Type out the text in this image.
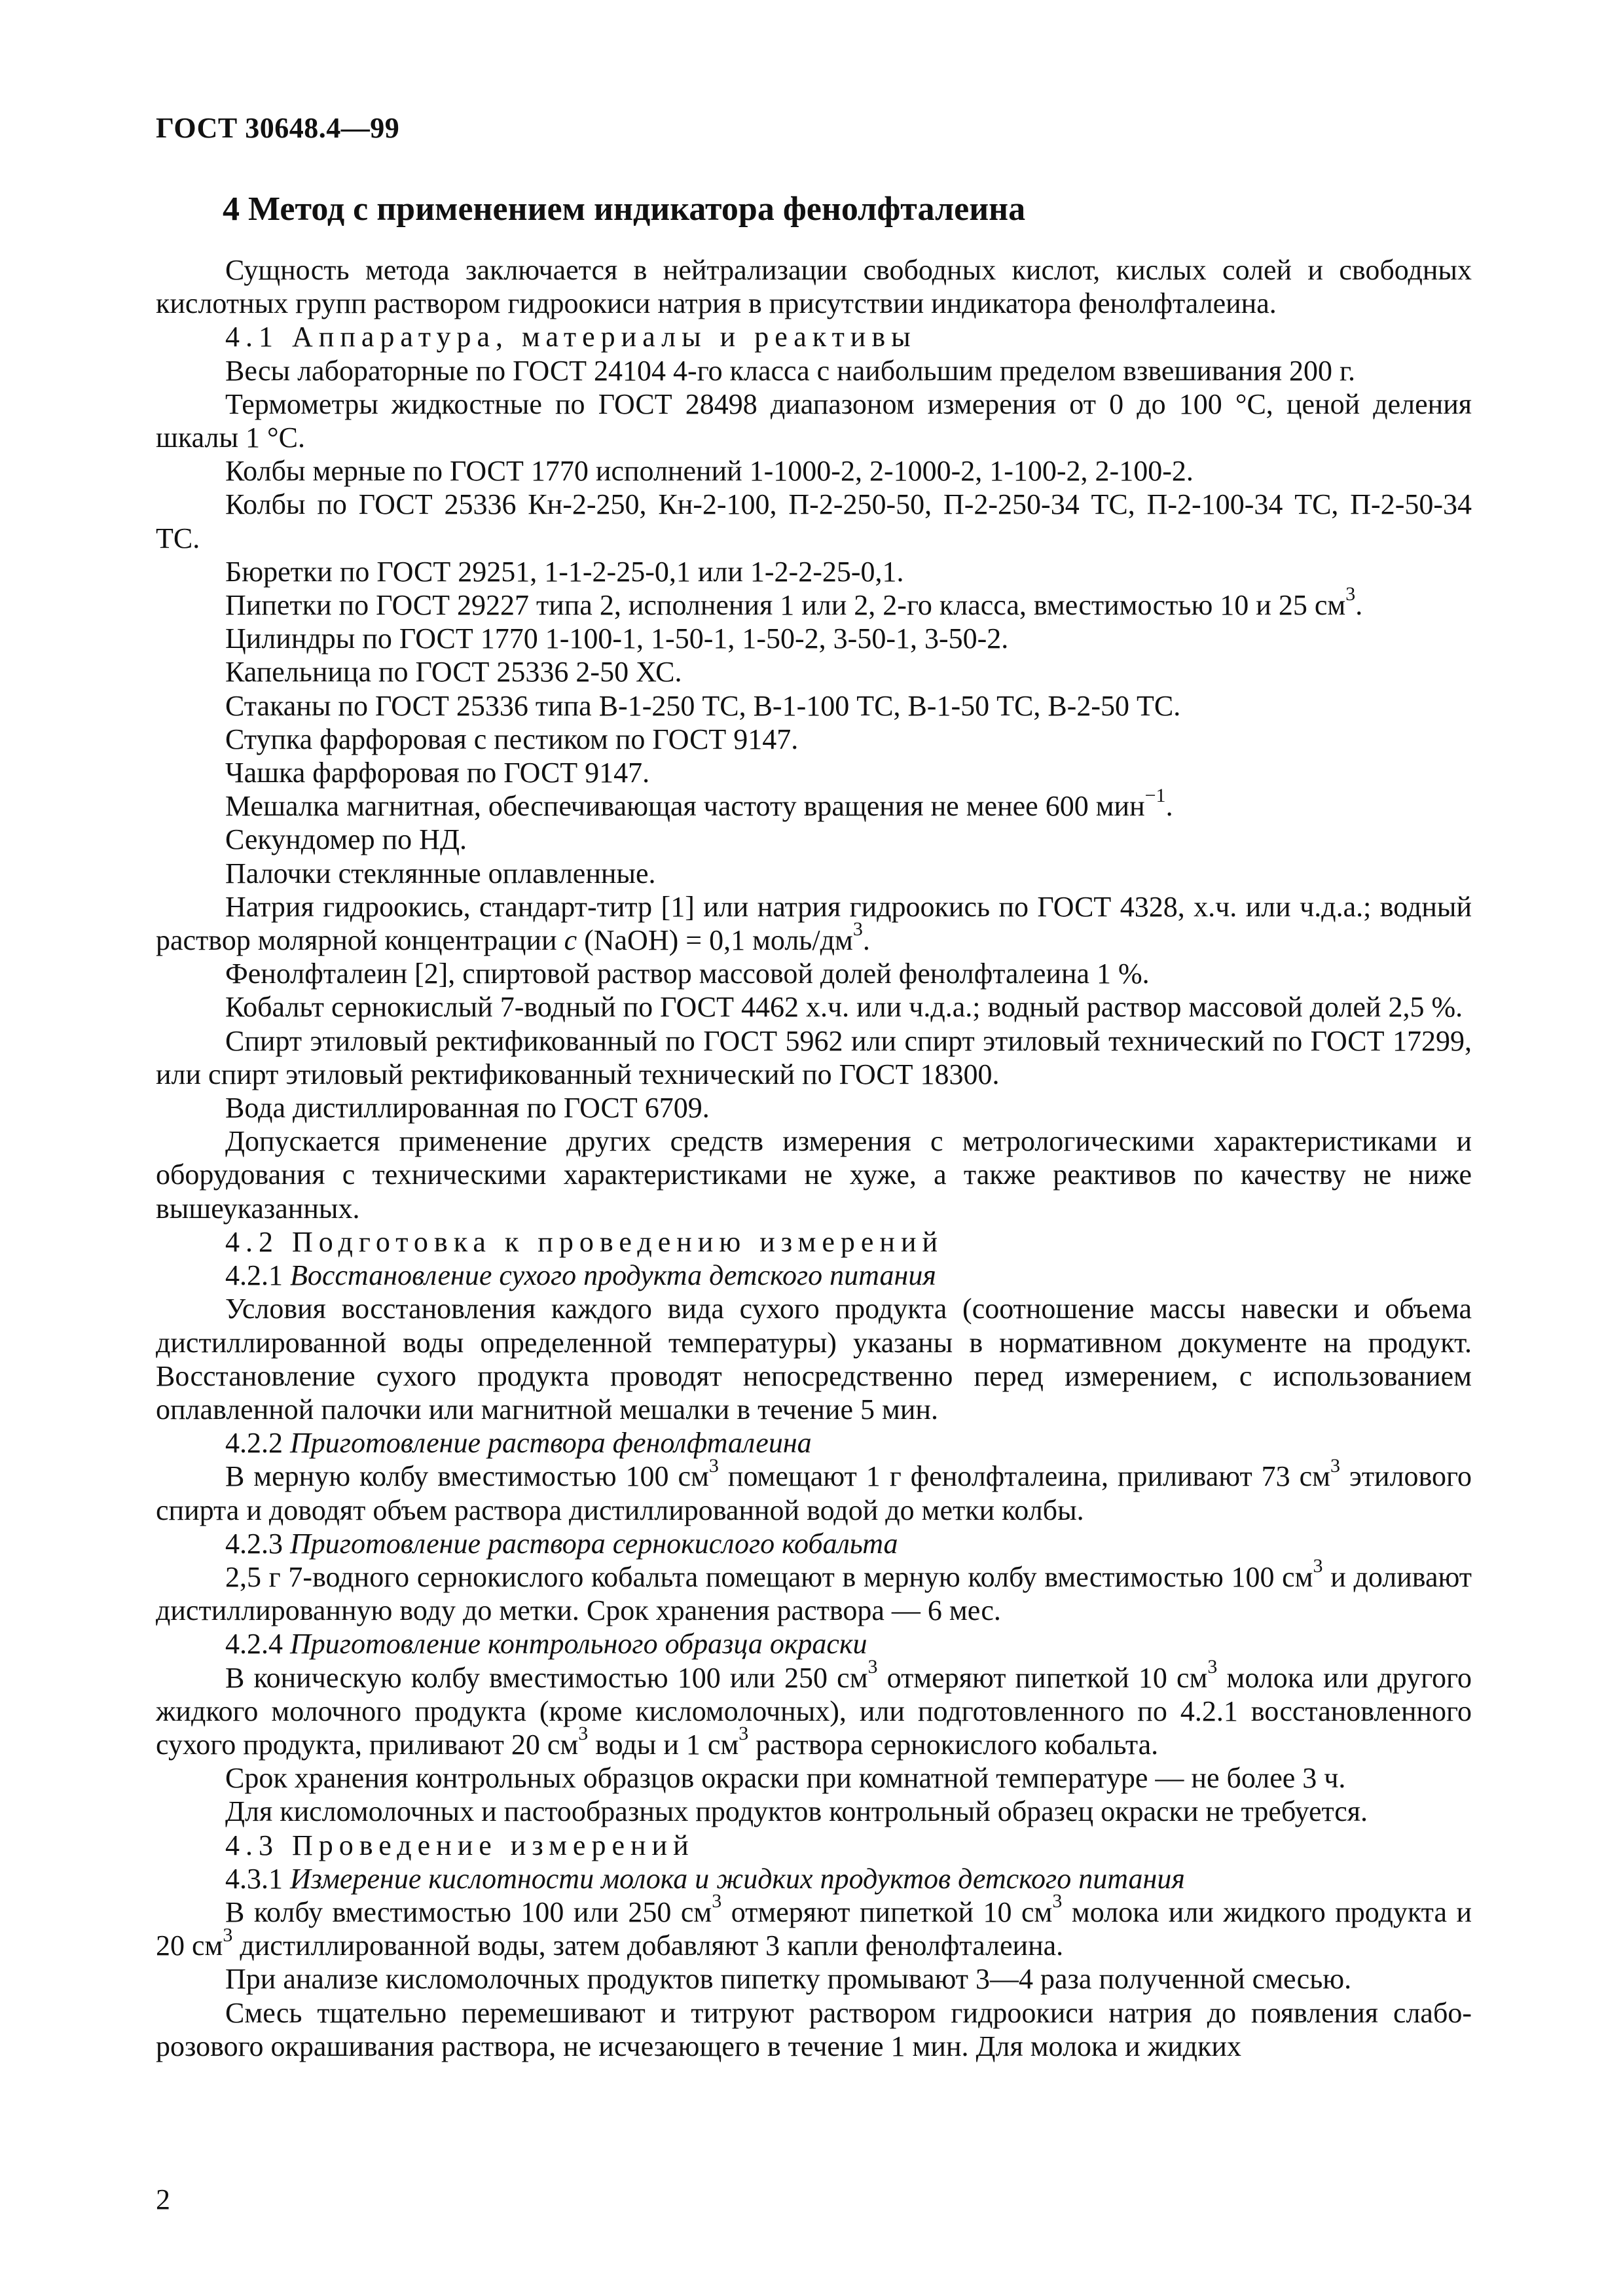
ГОСТ 30648.4—99
4 Метод с применением индикатора фенолфталеина

Сущность метода заключается в нейтрализации свободных кислот, кислых солей и свободных кислотных групп раствором гидроокиси натрия в присутствии индикатора фенолфталеина.

4.1 Аппаратура, материалы и реактивы

Весы лабораторные по ГОСТ 24104 4-го класса с наибольшим пределом взвешивания 200 г.

Термометры жидкостные по ГОСТ 28498 диапазоном измерения от 0 до 100 °С, ценой деления шкалы 1 °С.

Колбы мерные по ГОСТ 1770 исполнений 1-1000-2, 2-1000-2, 1-100-2, 2-100-2.

Колбы по ГОСТ 25336 Кн-2-250, Кн-2-100, П-2-250-50, П-2-250-34 ТС, П-2-100-34 ТС, П-2-50-34 ТС.

Бюретки по ГОСТ 29251, 1-1-2-25-0,1 или 1-2-2-25-0,1.

Пипетки по ГОСТ 29227 типа 2, исполнения 1 или 2, 2-го класса, вместимостью 10 и 25 $см^3$.

Цилиндры по ГОСТ 1770 1-100-1, 1-50-1, 1-50-2, 3-50-1, 3-50-2.

Капельница по ГОСТ 25336 2-50 ХС.

Стаканы по ГОСТ 25336 типа В-1-250 ТС, В-1-100 ТС, В-1-50 ТС, В-2-50 ТС.

Ступка фарфоровая с пестиком по ГОСТ 9147.

Чашка фарфоровая по ГОСТ 9147.

Мешалка магнитная, обеспечивающая частоту вращения не менее 600 мин$^{-1}$.

Секундомер по НД.

Палочки стеклянные оплавленные.

Натрия гидроокись, стандарт-титр [1] или натрия гидроокись по ГОСТ 4328, х.ч. или ч.д.а.; водный раствор молярной концентрации c (NaOH) = 0,1 моль/$дм^3$.

Фенолфталеин [2], спиртовой раствор массовой долей фенолфталеина 1 %.

Кобальт сернокислый 7-водный по ГОСТ 4462 х.ч. или ч.д.а.; водный раствор массовой долей 2,5 %.

Спирт этиловый ректификованный по ГОСТ 5962 или спирт этиловый технический по ГОСТ 17299, или спирт этиловый ректификованный технический по ГОСТ 18300.

Вода дистиллированная по ГОСТ 6709.

Допускается применение других средств измерения с метрологическими характеристиками и оборудования с техническими характеристиками не хуже, а также реактивов по качеству не ниже вышеуказанных.

4.2 Подготовка к проведению измерений

4.2.1 Восстановление сухого продукта детского питания

Условия восстановления каждого вида сухого продукта (соотношение массы навески и объема дистиллированной воды определенной температуры) указаны в нормативном документе на продукт. Восстановление сухого продукта проводят непосредственно перед измерением, с использованием оплавленной палочки или магнитной мешалки в течение 5 мин.

4.2.2 Приготовление раствора фенолфталеина

В мерную колбу вместимостью 100 $см^3$ помещают 1 г фенолфталеина, приливают 73 $см^3$ этилового спирта и доводят объем раствора дистиллированной водой до метки колбы.

4.2.3 Приготовление раствора сернокислого кобальта

2,5 г 7-водного сернокислого кобальта помещают в мерную колбу вместимостью 100 $см^3$ и доливают дистиллированную воду до метки. Срок хранения раствора — 6 мес.

4.2.4 Приготовление контрольного образца окраски

В коническую колбу вместимостью 100 или 250 $см^3$ отмеряют пипеткой 10 $см^3$ молока или другого жидкого молочного продукта (кроме кисломолочных), или подготовленного по 4.2.1 восстановленного сухого продукта, приливают 20 $см^3$ воды и 1 $см^3$ раствора сернокислого кобальта.

Срок хранения контрольных образцов окраски при комнатной температуре — не более 3 ч.

Для кисломолочных и пастообразных продуктов контрольный образец окраски не требуется.

4.3 Проведение измерений

4.3.1 Измерение кислотности молока и жидких продуктов детского питания

В колбу вместимостью 100 или 250 $см^3$ отмеряют пипеткой 10 $см^3$ молока или жидкого продукта и 20 $см^3$ дистиллированной воды, затем добавляют 3 капли фенолфталеина.

При анализе кисломолочных продуктов пипетку промывают 3—4 раза полученной смесью.

Смесь тщательно перемешивают и титруют раствором гидроокиси натрия до появления слабо-розового окрашивания раствора, не исчезающего в течение 1 мин. Для молока и жидких

2
